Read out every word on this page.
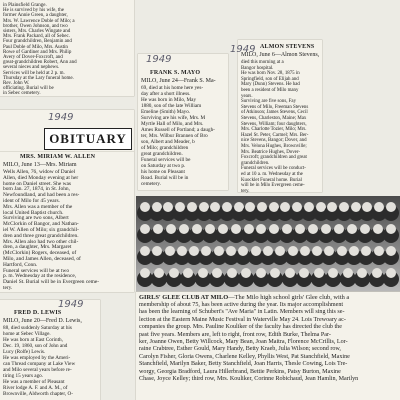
in Plainsfield Grange.
He is survived by his wife, the
former Annie Green, a daughter,
Mrs. W. Lawrence Doble of Milo; a
brother, Owen Johnson, and two
sisters, Mrs. Charles Wingate and
Mrs. Frank Packard, all of Sebec.
Four grandchildren, Benjamin and
Paul Doble of Milo, Mrs. Austin
Rowe of Gardiner and Mrs. Philip
Avery of Dover-Foxcroft, and
great-grandchildren Robert, Ann and
several nieces and nephews.
Services will be held at 2 p. m.
Thursday at the Lary funeral home.
Rev. John W.
officiating. Burial will be
in Sebec cemetery.
1949
OBITUARY
MRS. MIRIAM W. ALLEN
MILO, June 13—Mrs. Miriam
Wells Allen, 76, widow of Daniel
Allen, died Monday evening at her
home on Daniel street. She was
born Jan. 27, 1874, in St. John,
Newfoundland, and had been a res-
ident of Milo for 45 years.
Mrs. Allen was a member of the
local United Baptist church.
Surviving are two sons, Albert
McClorkin of Bangor, and Nathan-
iel W. Allen of Milo; six grandchil-
dren and three great grandchildren.
Mrs. Allen also had two other chil-
dren, a daughter, Mrs. Margaret
(McClorkin) Rogers, deceased, of
Milo, and James Allen, deceased, of
Hartford, Conn.
Funeral services will be at two
p. m. Wednesday at the residence,
Daniel St. Burial will be in Evergreen ceme-
tery.
1949
FRED D. LEWIS
MILO, June 20—Fred D. Lewis,
88, died suddenly Saturday at his
home at Sebec Village.
He was born at East Corinth,
Dec. 19, 1860, son of John and
Lucy (Rolfe) Lewis.
He was employed by the Ameri-
can Thread company at Lake View
and Milo several years before re-
tiring 15 years ago.
He was a member of Pleasant
River lodge A. F. and A. M., of
Brownville, Aldworth chapter, O-
1949
FRANK S. MAYO
MILO, June 24—Frank S. Ma-
69, died at his home here yes-
day after a short illness.
He was born in Milo, May
1880, son of the late William
Emeline (Smith) Mayo.
Surviving are his wife, Mrs. M
Myrtle Hall of Milo, and Mrs.
Ames Russell of Portland; a daugh-
ter, Mrs. Wilbur Brannen of Bro
son, Albert and Meader, b
of Milo; grandchildren
great grandchildren.
Funeral services will be
on Saturday at two p.
his home on Pleasant
Road. Burial will be in
cemetery.
1949 ALMON STEVENS
MILO, June 6—Almon Stevens,
died this morning at a
Bangor hospital.
He was born Nov. 28, 1875 in
Springfield, son of Elijah and
Mary (Dunn) Stevens. He had
been a resident of Milo many
years.
Surviving are five sons, Fay
Stevens of Milo, Freeman Stevens
of Atkinson; James Stevens, Cecil
Stevens, Charleston, Maine; Max
Stevens, William; four daughters,
Mrs. Charlotte Tozier, Milo; Mrs.
Hazel St. Peter, Carmel; Mrs. Ber-
nice Stevens, Bangor; Dover, and
Mrs. Velona Hughes, Brownville;
Mrs. Beatrice Hughes, Dover-
Foxcroft; grandchildren and great
grandchildren.
Funeral services will be conduct-
ed at 10 a. m. Wednesday at the
Kuocklet Funeral home. Burial
will be in Milo Evergreen ceme-
tery.
GIRLS' GLEE CLUB AT MILO—The Milo high school girls' Glee club, with a
membership of about 75, has been active during the year. Its major accomplishment
has been the learning of Schubert's "Ave Maria" in Latin. Members will sing this se-
lection at the Eastern Maine Music Festival in Waterville May 24. Lois Trewoary ac-
companies the group. Mrs. Pauline Kouliker of the faculty has directed the club the
past five years. Members are, left to right, front row, Edith Burke, Thelma Par-
ker, Joanne Owen, Betty Willcock, Mary Bean, Joan Maitra, Florence McCrillis, Lor-
raine Crabtree, Esther Gould, Mary Handy, Betty Kraeb, Julia Wilson; second row,
Carolyn Fisher, Gloria Owens, Charlene Kelley, Phyllis West, Pat Stanchfield, Maxine
Stanchfield, Marilyn Baker, Betty Stanchfield, Joan Harris, Thesle Cowing, Lois Tre-
worgy, Georgia Bradford, Laura Hillerbrand, Bettie Perkins, Patsy Burton, Maxine
Chase, Joyce Kelley; third row, Mrs. Kouliker, Corinne Robichaud, Jean Hamlin, Marilyn
